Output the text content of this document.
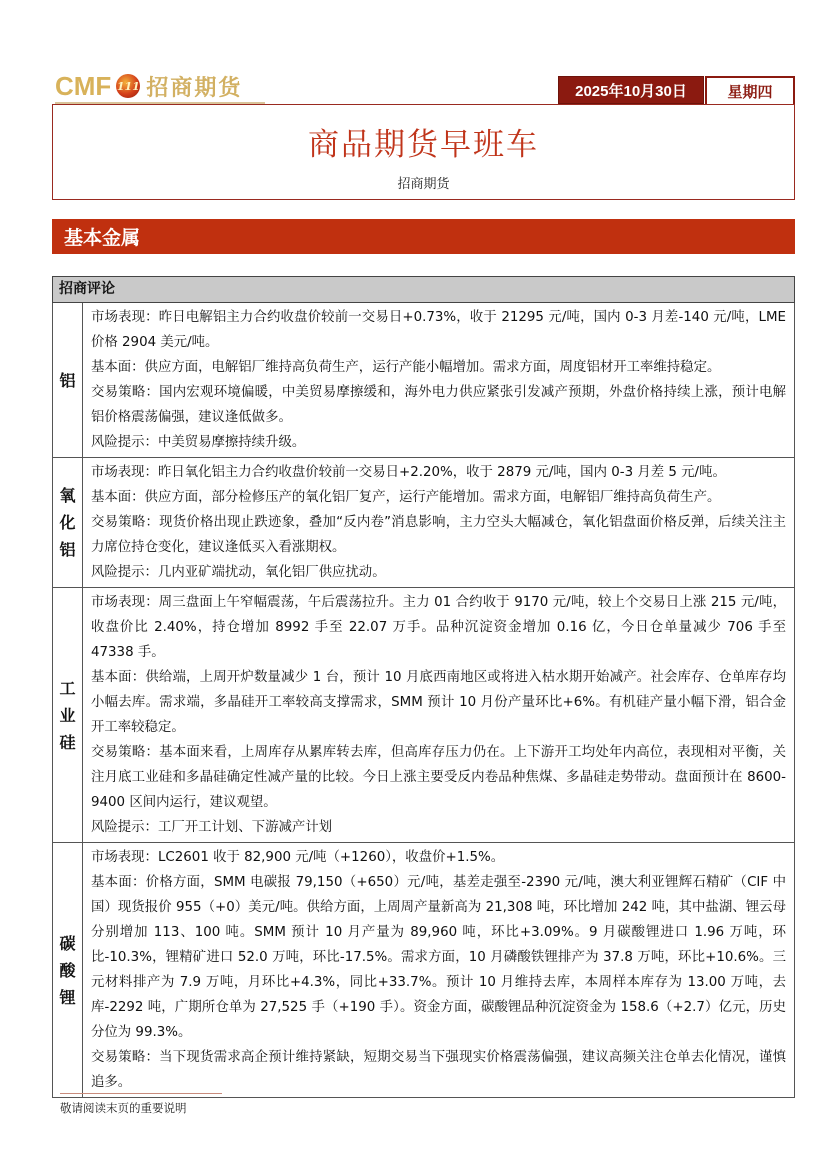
CMF 111 招商期货	2025年10月30日	星期四
商品期货早班车
招商期货
基本金属
招商评论	
铝	市场表现：昨日电解铝主力合约收盘价较前一交易日+0.73%，收于 21295 元/吨，国内 0-3 月差-140 元/吨，LME 价格 2904 美元/吨。

基本面：供应方面，电解铝厂维持高负荷生产，运行产能小幅增加。需求方面，周度铝材开工率维持稳定。

交易策略：国内宏观环境偏暖，中美贸易摩擦缓和，海外电力供应紧张引发减产预期，外盘价格持续上涨，预计电解铝价格震荡偏强，建议逢低做多。

风险提示：中美贸易摩擦持续升级。

氧化铝	市场表现：昨日氧化铝主力合约收盘价较前一交易日+2.20%，收于 2879 元/吨，国内 0-3 月差 5 元/吨。

基本面：供应方面，部分检修压产的氧化铝厂复产，运行产能增加。需求方面，电解铝厂维持高负荷生产。

交易策略：现货价格出现止跌迹象，叠加“反内卷”消息影响，主力空头大幅减仓，氧化铝盘面价格反弹，后续关注主力席位持仓变化，建议逢低买入看涨期权。

风险提示：几内亚矿端扰动，氧化铝厂供应扰动。

工业硅	市场表现：周三盘面上午窄幅震荡，午后震荡拉升。主力 01 合约收于 9170 元/吨，较上个交易日上涨 215 元/吨，收盘价比 2.40%，持仓增加 8992 手至 22.07 万手。品种沉淀资金增加 0.16 亿，今日仓单量减少 706 手至 47338 手。

基本面：供给端，上周开炉数量减少 1 台，预计 10 月底西南地区或将进入枯水期开始减产。社会库存、仓单库存均小幅去库。需求端，多晶硅开工率较高支撑需求，SMM 预计 10 月份产量环比+6%。有机硅产量小幅下滑，铝合金开工率较稳定。

交易策略：基本面来看，上周库存从累库转去库，但高库存压力仍在。上下游开工均处年内高位，表现相对平衡，关注月底工业硅和多晶硅确定性减产量的比较。今日上涨主要受反内卷品种焦煤、多晶硅走势带动。盘面预计在 8600-9400 区间内运行，建议观望。

风险提示：工厂开工计划、下游减产计划

碳酸锂	市场表现：LC2601 收于 82,900 元/吨（+1260），收盘价+1.5%。

基本面：价格方面，SMM 电碳报 79,150（+650）元/吨，基差走强至-2390 元/吨，澳大利亚锂辉石精矿（CIF 中国）现货报价 955（+0）美元/吨。供给方面，上周周产量新高为 21,308 吨，环比增加 242 吨，其中盐湖、锂云母分别增加 113、100 吨。SMM 预计 10 月产量为 89,960 吨，环比+3.09%。9 月碳酸锂进口 1.96 万吨，环比-10.3%，锂精矿进口 52.0 万吨，环比-17.5%。需求方面，10 月磷酸铁锂排产为 37.8 万吨，环比+10.6%。三元材料排产为 7.9 万吨，月环比+4.3%，同比+33.7%。预计 10 月维持去库，本周样本库存为 13.00 万吨，去库-2292 吨，广期所仓单为 27,525 手（+190 手）。资金方面，碳酸锂品种沉淀资金为 158.6（+2.7）亿元，历史分位为 99.3%。

交易策略：当下现货需求高企预计维持紧缺，短期交易当下强现实价格震荡偏强，建议高频关注仓单去化情况，谨慎追多。

敬请阅读末页的重要说明
